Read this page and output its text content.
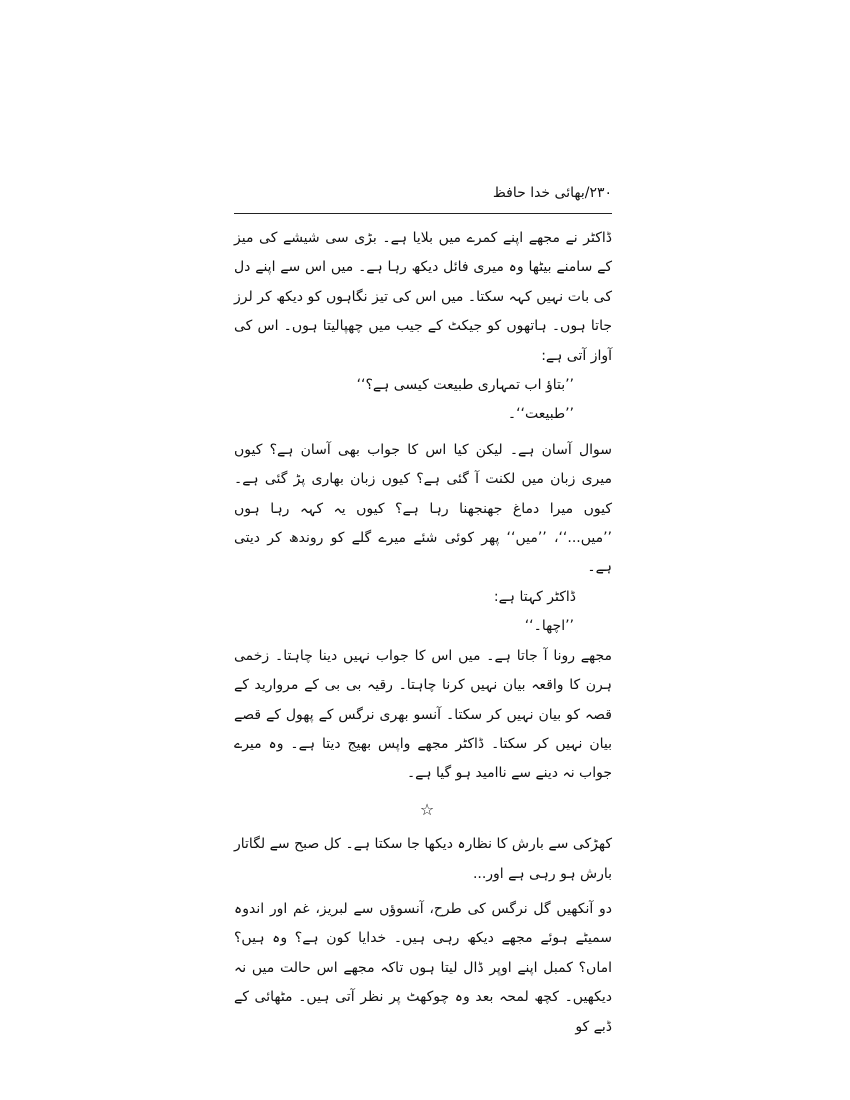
۲۳۰/بھائی خدا حافظ

ڈاکٹر نے مجھے اپنے کمرے میں بلایا ہے۔ بڑی سی شیشے کی میز کے سامنے بیٹھا وہ میری فائل دیکھ رہا ہے۔ میں اس سے اپنے دل کی بات نہیں کہہ سکتا۔ میں اس کی تیز نگاہوں کو دیکھ کر لرز جاتا ہوں۔ ہاتھوں کو جیکٹ کے جیب میں چھپالیتا ہوں۔ اس کی آواز آتی ہے:

’’بتاؤ اب تمہاری طبیعت کیسی ہے؟‘‘

’’طبیعت‘‘۔

سوال آسان ہے۔ لیکن کیا اس کا جواب بھی آسان ہے؟ کیوں میری زبان میں لکنت آ گئی ہے؟ کیوں زبان بھاری پڑ گئی ہے۔ کیوں میرا دماغ جھنجھنا رہا ہے؟ کیوں یہ کہہ رہا ہوں ’’میں...‘‘، ’’میں‘‘ پھر کوئی شئے میرے گلے کو روندھ کر دیتی ہے۔

ڈاکٹر کہتا ہے:

’’اچھا۔‘‘

مجھے رونا آ جاتا ہے۔ میں اس کا جواب نہیں دینا چاہتا۔ زخمی ہرن کا واقعہ بیان نہیں کرنا چاہتا۔ رقیہ بی بی کے مروارید کے قصہ کو بیان نہیں کر سکتا۔ آنسو بھری نرگس کے پھول کے قصے بیان نہیں کر سکتا۔ ڈاکٹر مجھے واپس بھیج دیتا ہے۔ وہ میرے جواب نہ دینے سے ناامید ہو گیا ہے۔

☆

کھڑکی سے بارش کا نظارہ دیکھا جا سکتا ہے۔ کل صبح سے لگاتار بارش ہو رہی ہے اور...

دو آنکھیں گل نرگس کی طرح، آنسوؤں سے لبریز، غم اور اندوہ سمیٹے ہوئے مجھے دیکھ رہی ہیں۔ خدایا کون ہے؟ وہ ہیں؟ اماں؟ کمبل اپنے اوپر ڈال لیتا ہوں تاکہ مجھے اس حالت میں نہ دیکھیں۔ کچھ لمحہ بعد وہ چوکھٹ پر نظر آتی ہیں۔ مٹھائی کے ڈبے کو
